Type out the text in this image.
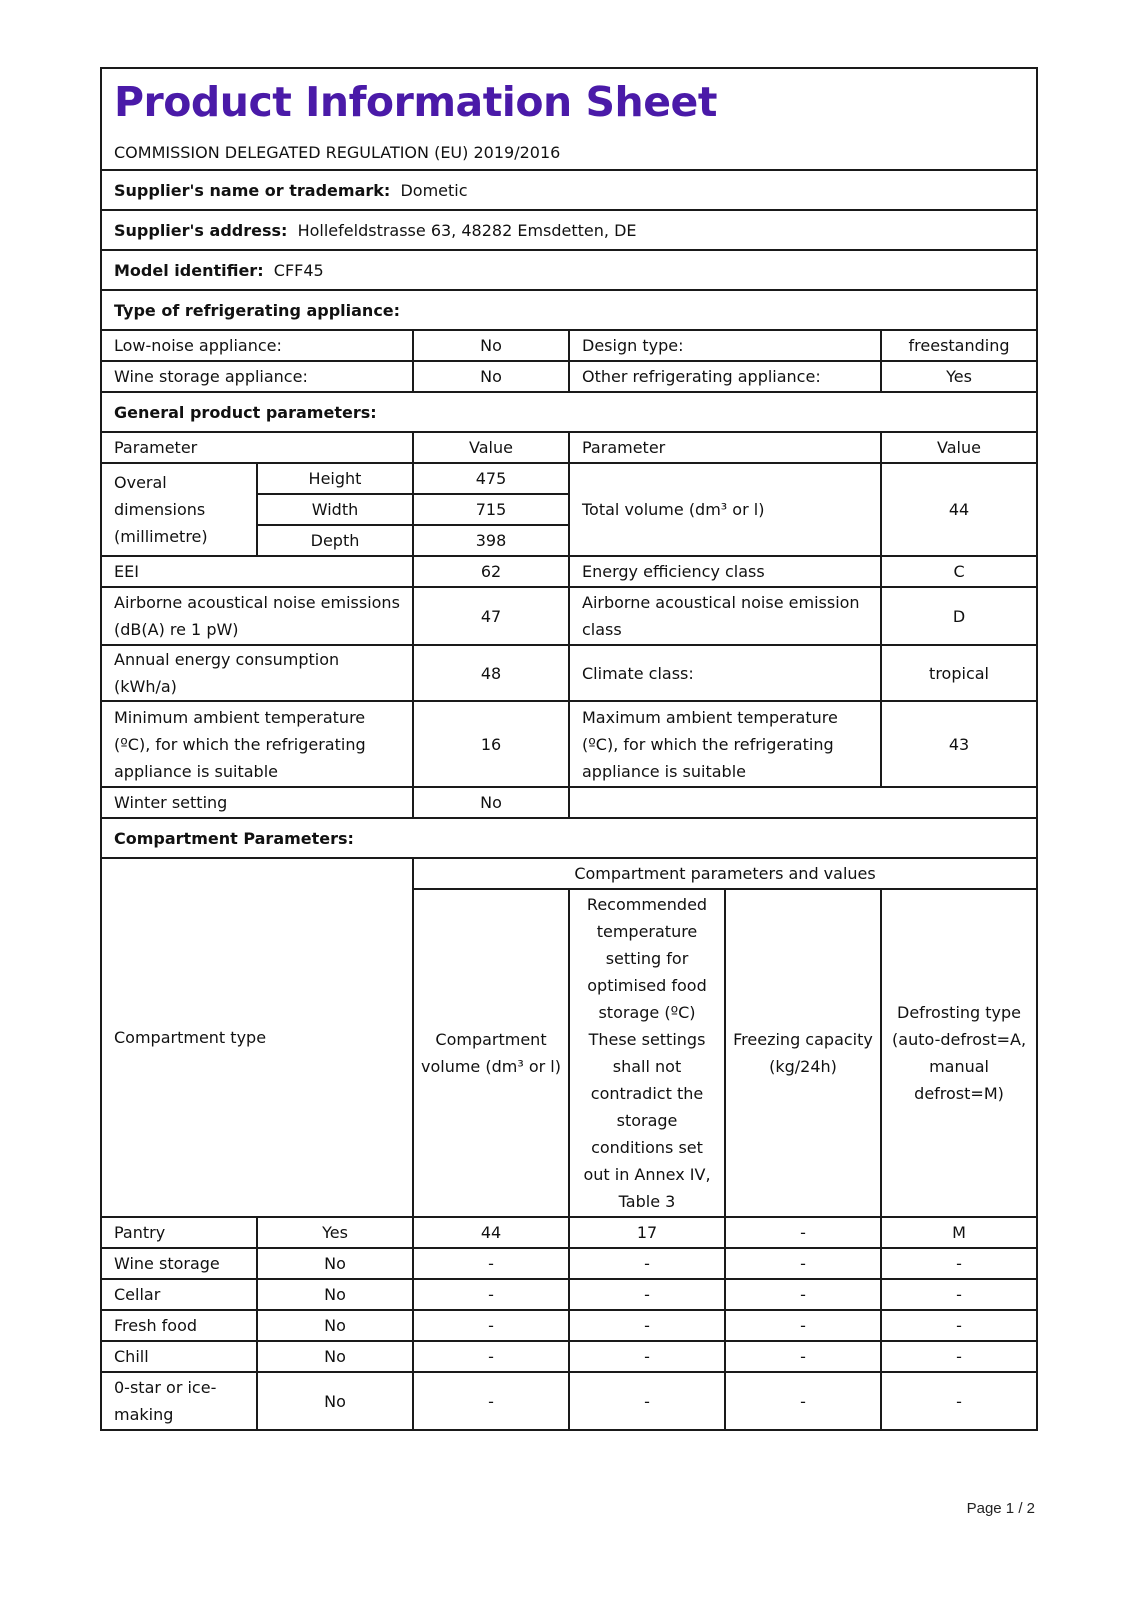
Product Information Sheet
COMMISSION DELEGATED REGULATION (EU) 2019/2016					

Supplier's name or trademark: Dometic					
Supplier's address: Hollefeldstrasse 63, 48282 Emsdetten, DE					
Model identifier: CFF45					
Type of refrigerating appliance:					
Low-noise appliance:		No	Design type:		freestanding
Wine storage appliance:		No	Other refrigerating appliance:		Yes
General product parameters:					
Parameter		Value	Parameter		Value
Overal dimensions (millimetre)	Height	475	Total volume (dm³ or l)		44
	Width	715			
	Depth	398			
EEI		62	Energy efficiency class		C
Airborne acoustical noise emissions (dB(A) re 1 pW)		47	Airborne acoustical noise emission class		D
Annual energy consumption (kWh/a)		48	Climate class:		tropical
Minimum ambient temperature (ºC), for which the refrigerating appliance is suitable		16	Maximum ambient temperature (ºC), for which the refrigerating appliance is suitable		43
Winter setting		No			
Compartment Parameters:					
Compartment type		Compartment parameters and values			
		Compartment volume (dm³ or l)	Recommended temperature setting for optimised food storage (ºC) These settings shall not contradict the storage conditions set out in Annex IV, Table 3	Freezing capacity (kg/24h)	Defrosting type (auto-defrost=A, manual defrost=M)
Pantry	Yes	44	17	-	M
Wine storage	No	-	-	-	-
Cellar	No	-	-	-	-
Fresh food	No	-	-	-	-
Chill	No	-	-	-	-
0-star or ice-making	No	-	-	-	-
Page 1 / 2
